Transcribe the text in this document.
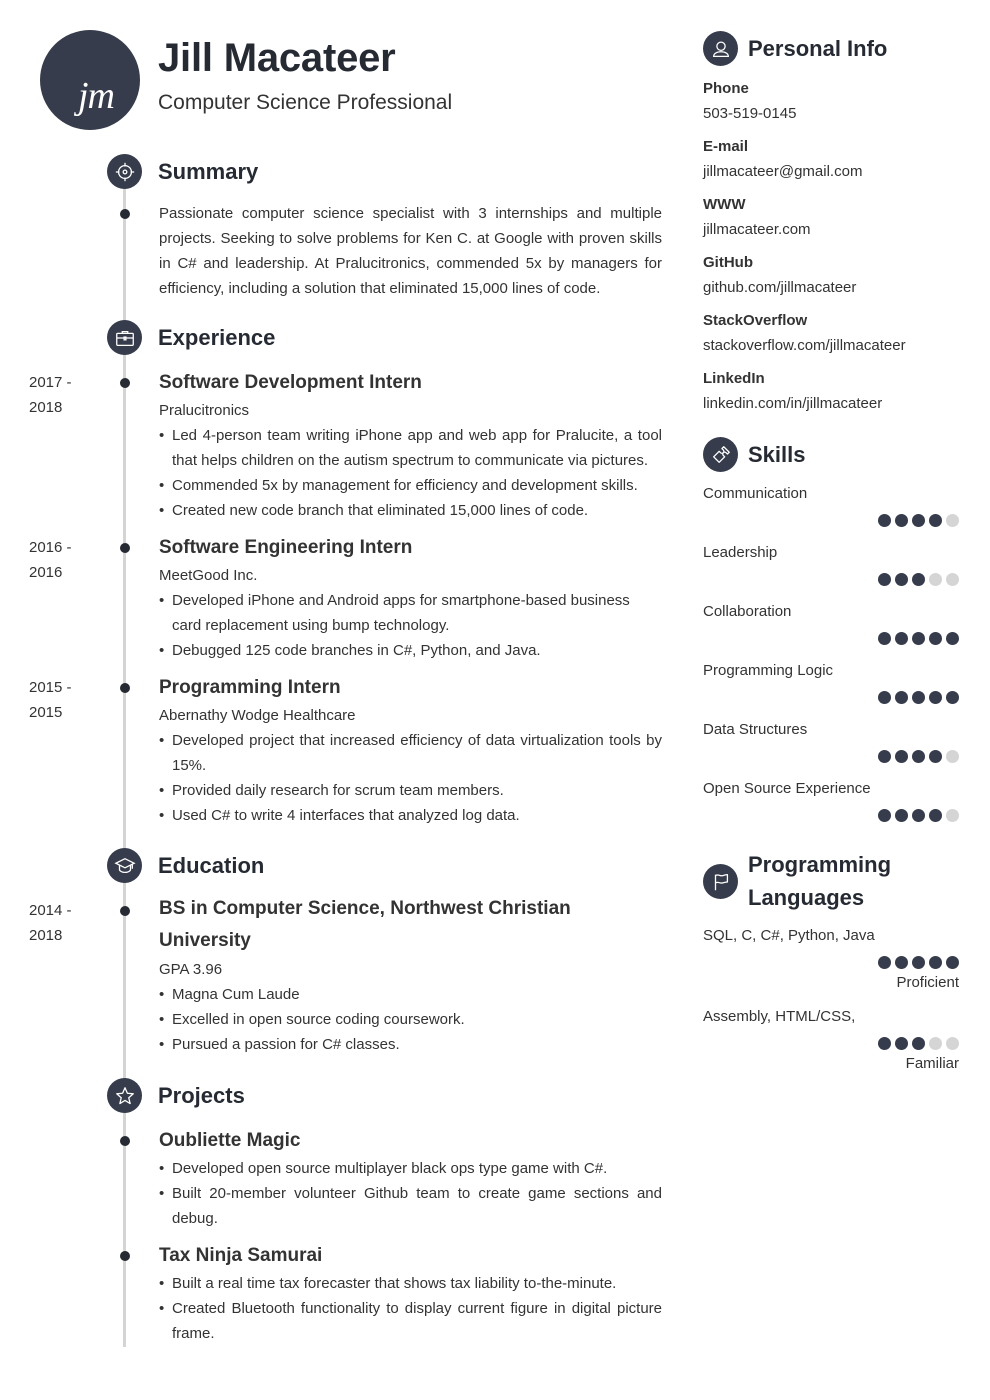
jm
Jill Macateer
Computer Science Professional
Summary
Passionate computer science specialist with 3 internships and multiple projects. Seeking to solve problems for Ken C. at Google with proven skills in C# and leadership. At Pralucitronics, commended 5x by managers for efficiency, including a solution that eliminated 15,000 lines of code.
Experience
2017 -
2018
Software Development Intern
Pralucitronics
• Led 4-person team writing iPhone app and web app for Pralucite, a tool that helps children on the autism spectrum to communicate via pictures.
• Commended 5x by management for efficiency and development skills.
• Created new code branch that eliminated 15,000 lines of code.
2016 -
2016
Software Engineering Intern
MeetGood Inc.
• Developed iPhone and Android apps for smartphone-based business card replacement using bump technology.
• Debugged 125 code branches in C#, Python, and Java.
2015 -
2015
Programming Intern
Abernathy Wodge Healthcare
• Developed project that increased efficiency of data virtualization tools by 15%.
• Provided daily research for scrum team members.
• Used C# to write 4 interfaces that analyzed log data.
Education
2014 -
2018
BS in Computer Science, Northwest Christian University
GPA 3.96
• Magna Cum Laude
• Excelled in open source coding coursework.
• Pursued a passion for C# classes.
Projects
Oubliette Magic
• Developed open source multiplayer black ops type game with C#.
• Built 20-member volunteer Github team to create game sections and debug.
Tax Ninja Samurai
• Built a real time tax forecaster that shows tax liability to-the-minute.
• Created Bluetooth functionality to display current figure in digital picture frame.
Personal Info
Phone
503-519-0145
E-mail
jillmacateer@gmail.com
WWW
jillmacateer.com
GitHub
github.com/jillmacateer
StackOverflow
stackoverflow.com/jillmacateer
LinkedIn
linkedin.com/in/jillmacateer
Skills
Communication
Leadership
Collaboration
Programming Logic
Data Structures
Open Source Experience
Programming
Languages
SQL, C, C#, Python, Java
Proficient
Assembly, HTML/CSS,
Familiar
